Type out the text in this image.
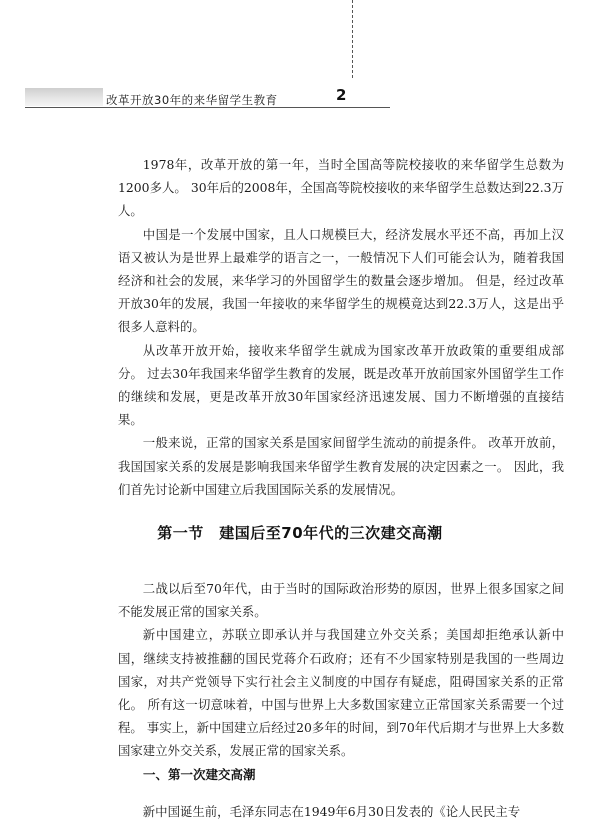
改革开放30年的来华留学生教育	2

1978年，改革开放的第一年，当时全国高等院校接收的来华留学生总数为1200多人。 30年后的2008年，全国高等院校接收的来华留学生总数达到22.3万人。

中国是一个发展中国家，且人口规模巨大，经济发展水平还不高，再加上汉语又被认为是世界上最难学的语言之一，一般情况下人们可能会认为，随着我国经济和社会的发展，来华学习的外国留学生的数量会逐步增加。 但是，经过改革开放30年的发展，我国一年接收的来华留学生的规模竟达到22.3万人，这是出乎很多人意料的。

从改革开放开始，接收来华留学生就成为国家改革开放政策的重要组成部分。 过去30年我国来华留学生教育的发展，既是改革开放前国家外国留学生工作的继续和发展，更是改革开放30年国家经济迅速发展、国力不断增强的直接结果。

一般来说，正常的国家关系是国家间留学生流动的前提条件。 改革开放前，我国国家关系的发展是影响我国来华留学生教育发展的决定因素之一。 因此，我们首先讨论新中国建立后我国国际关系的发展情况。

第一节　建国后至70年代的三次建交高潮

二战以后至70年代，由于当时的国际政治形势的原因，世界上很多国家之间不能发展正常的国家关系。

新中国建立，苏联立即承认并与我国建立外交关系；美国却拒绝承认新中国，继续支持被推翻的国民党蒋介石政府；还有不少国家特别是我国的一些周边国家，对共产党领导下实行社会主义制度的中国存有疑虑，阻碍国家关系的正常化。 所有这一切意味着，中国与世界上大多数国家建立正常国家关系需要一个过程。 事实上，新中国建立后经过20多年的时间，到70年代后期才与世界上大多数国家建立外交关系，发展正常的国家关系。

一、第一次建交高潮

新中国诞生前，毛泽东同志在1949年6月30日发表的《论人民民主专
